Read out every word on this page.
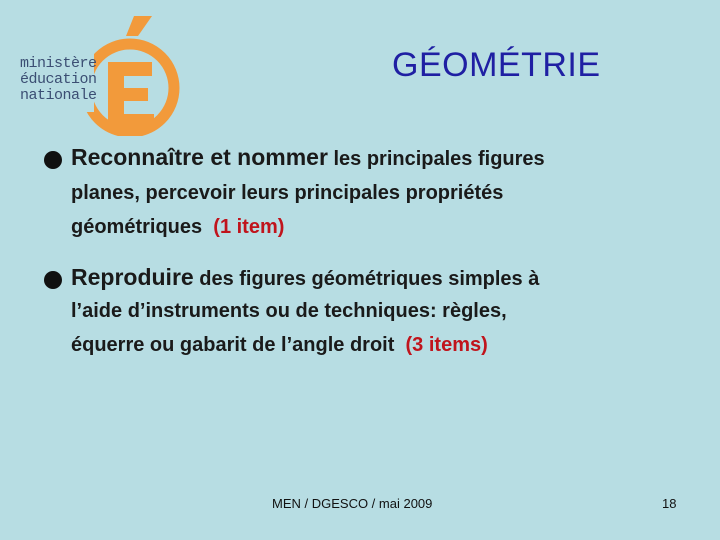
ministère
éducation
nationale
GÉOMÉTRIE
Reconnaître et nommer les principales figures
planes, percevoir leurs principales propriétés
géométriques (1 item)
Reproduire des figures géométriques simples à
l’aide d’instruments ou de techniques: règles,
équerre ou gabarit de l’angle droit (3 items)
MEN / DGESCO / mai 2009	18
